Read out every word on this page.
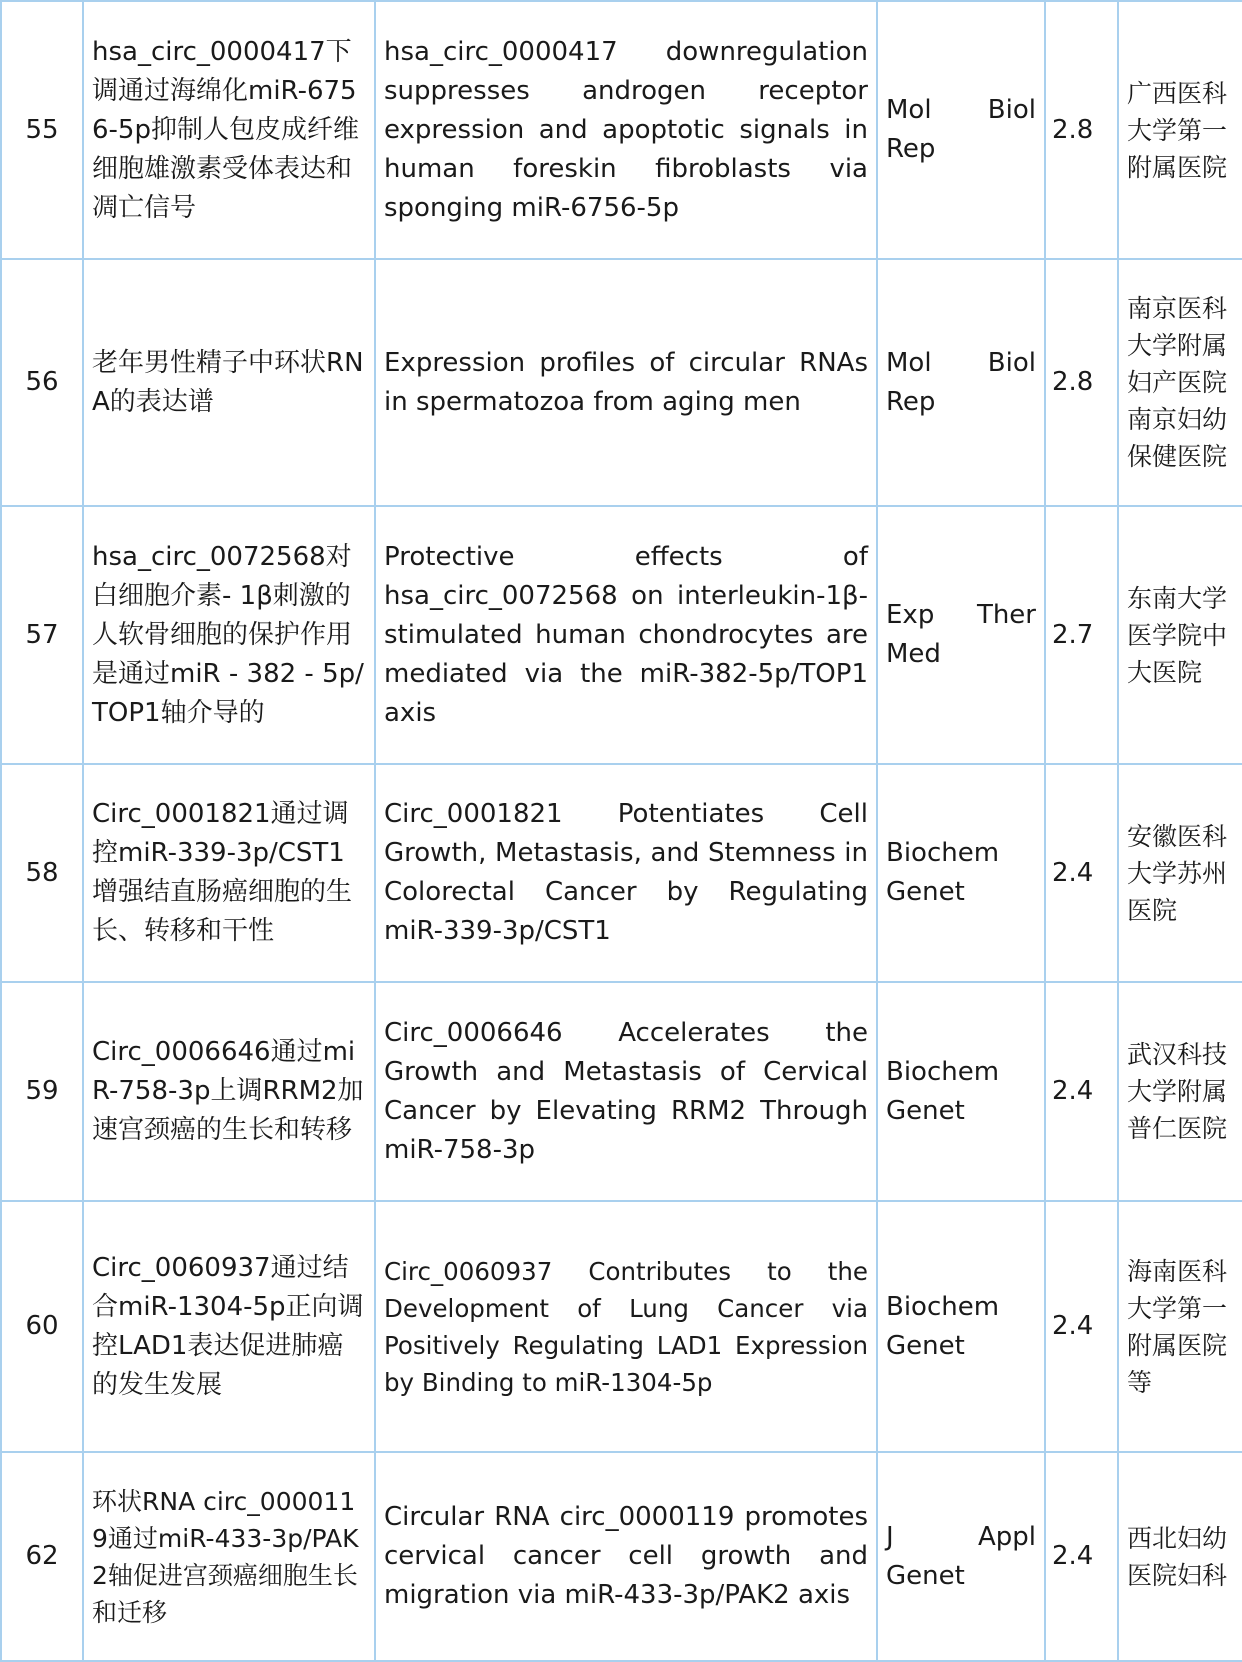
55	hsa_circ_0000417下调通过海绵化miR-6756-5p抑制人包皮成纤维细胞雄激素受体表达和凋亡信号	hsa_circ_0000417 downregulation suppresses androgen receptor expression and apoptotic signals in human foreskin fibroblasts via sponging miR-6756-5p	Mol Biol Rep	2.8	广西医科大学第一附属医院
56	老年男性精子中环状RNA的表达谱	Expression profiles of circular RNAs in spermatozoa from aging men	Mol Biol Rep	2.8	南京医科大学附属妇产医院南京妇幼保健医院
57	hsa_circ_0072568对白细胞介素- 1β刺激的人软骨细胞的保护作用是通过miR - 382 - 5p/TOP1轴介导的	Protective effects of hsa_circ_0072568 on interleukin-1β-stimulated human chondrocytes are mediated via the miR-382-5p/TOP1 axis	Exp Ther Med	2.7	东南大学医学院中大医院
58	Circ_0001821通过调控miR-339-3p/CST1增强结直肠癌细胞的生长、转移和干性	Circ_0001821 Potentiates Cell Growth, Metastasis, and Stemness in Colorectal Cancer by Regulating miR-339-3p/CST1	Biochem Genet	2.4	安徽医科大学苏州医院
59	Circ_0006646通过miR-758-3p上调RRM2加速宫颈癌的生长和转移	Circ_0006646 Accelerates the Growth and Metastasis of Cervical Cancer by Elevating RRM2 Through miR-758-3p	Biochem Genet	2.4	武汉科技大学附属普仁医院
60	Circ_0060937通过结合miR-1304-5p正向调控LAD1表达促进肺癌的发生发展	Circ_0060937 Contributes to the Development of Lung Cancer via Positively Regulating LAD1 Expression by Binding to miR-1304-5p	Biochem Genet	2.4	海南医科大学第一附属医院等
62	环状RNA circ_0000119通过miR-433-3p/PAK2轴促进宫颈癌细胞生长和迁移	Circular RNA circ_0000119 promotes cervical cancer cell growth and migration via miR-433-3p/PAK2 axis	J Appl Genet	2.4	西北妇幼医院妇科
